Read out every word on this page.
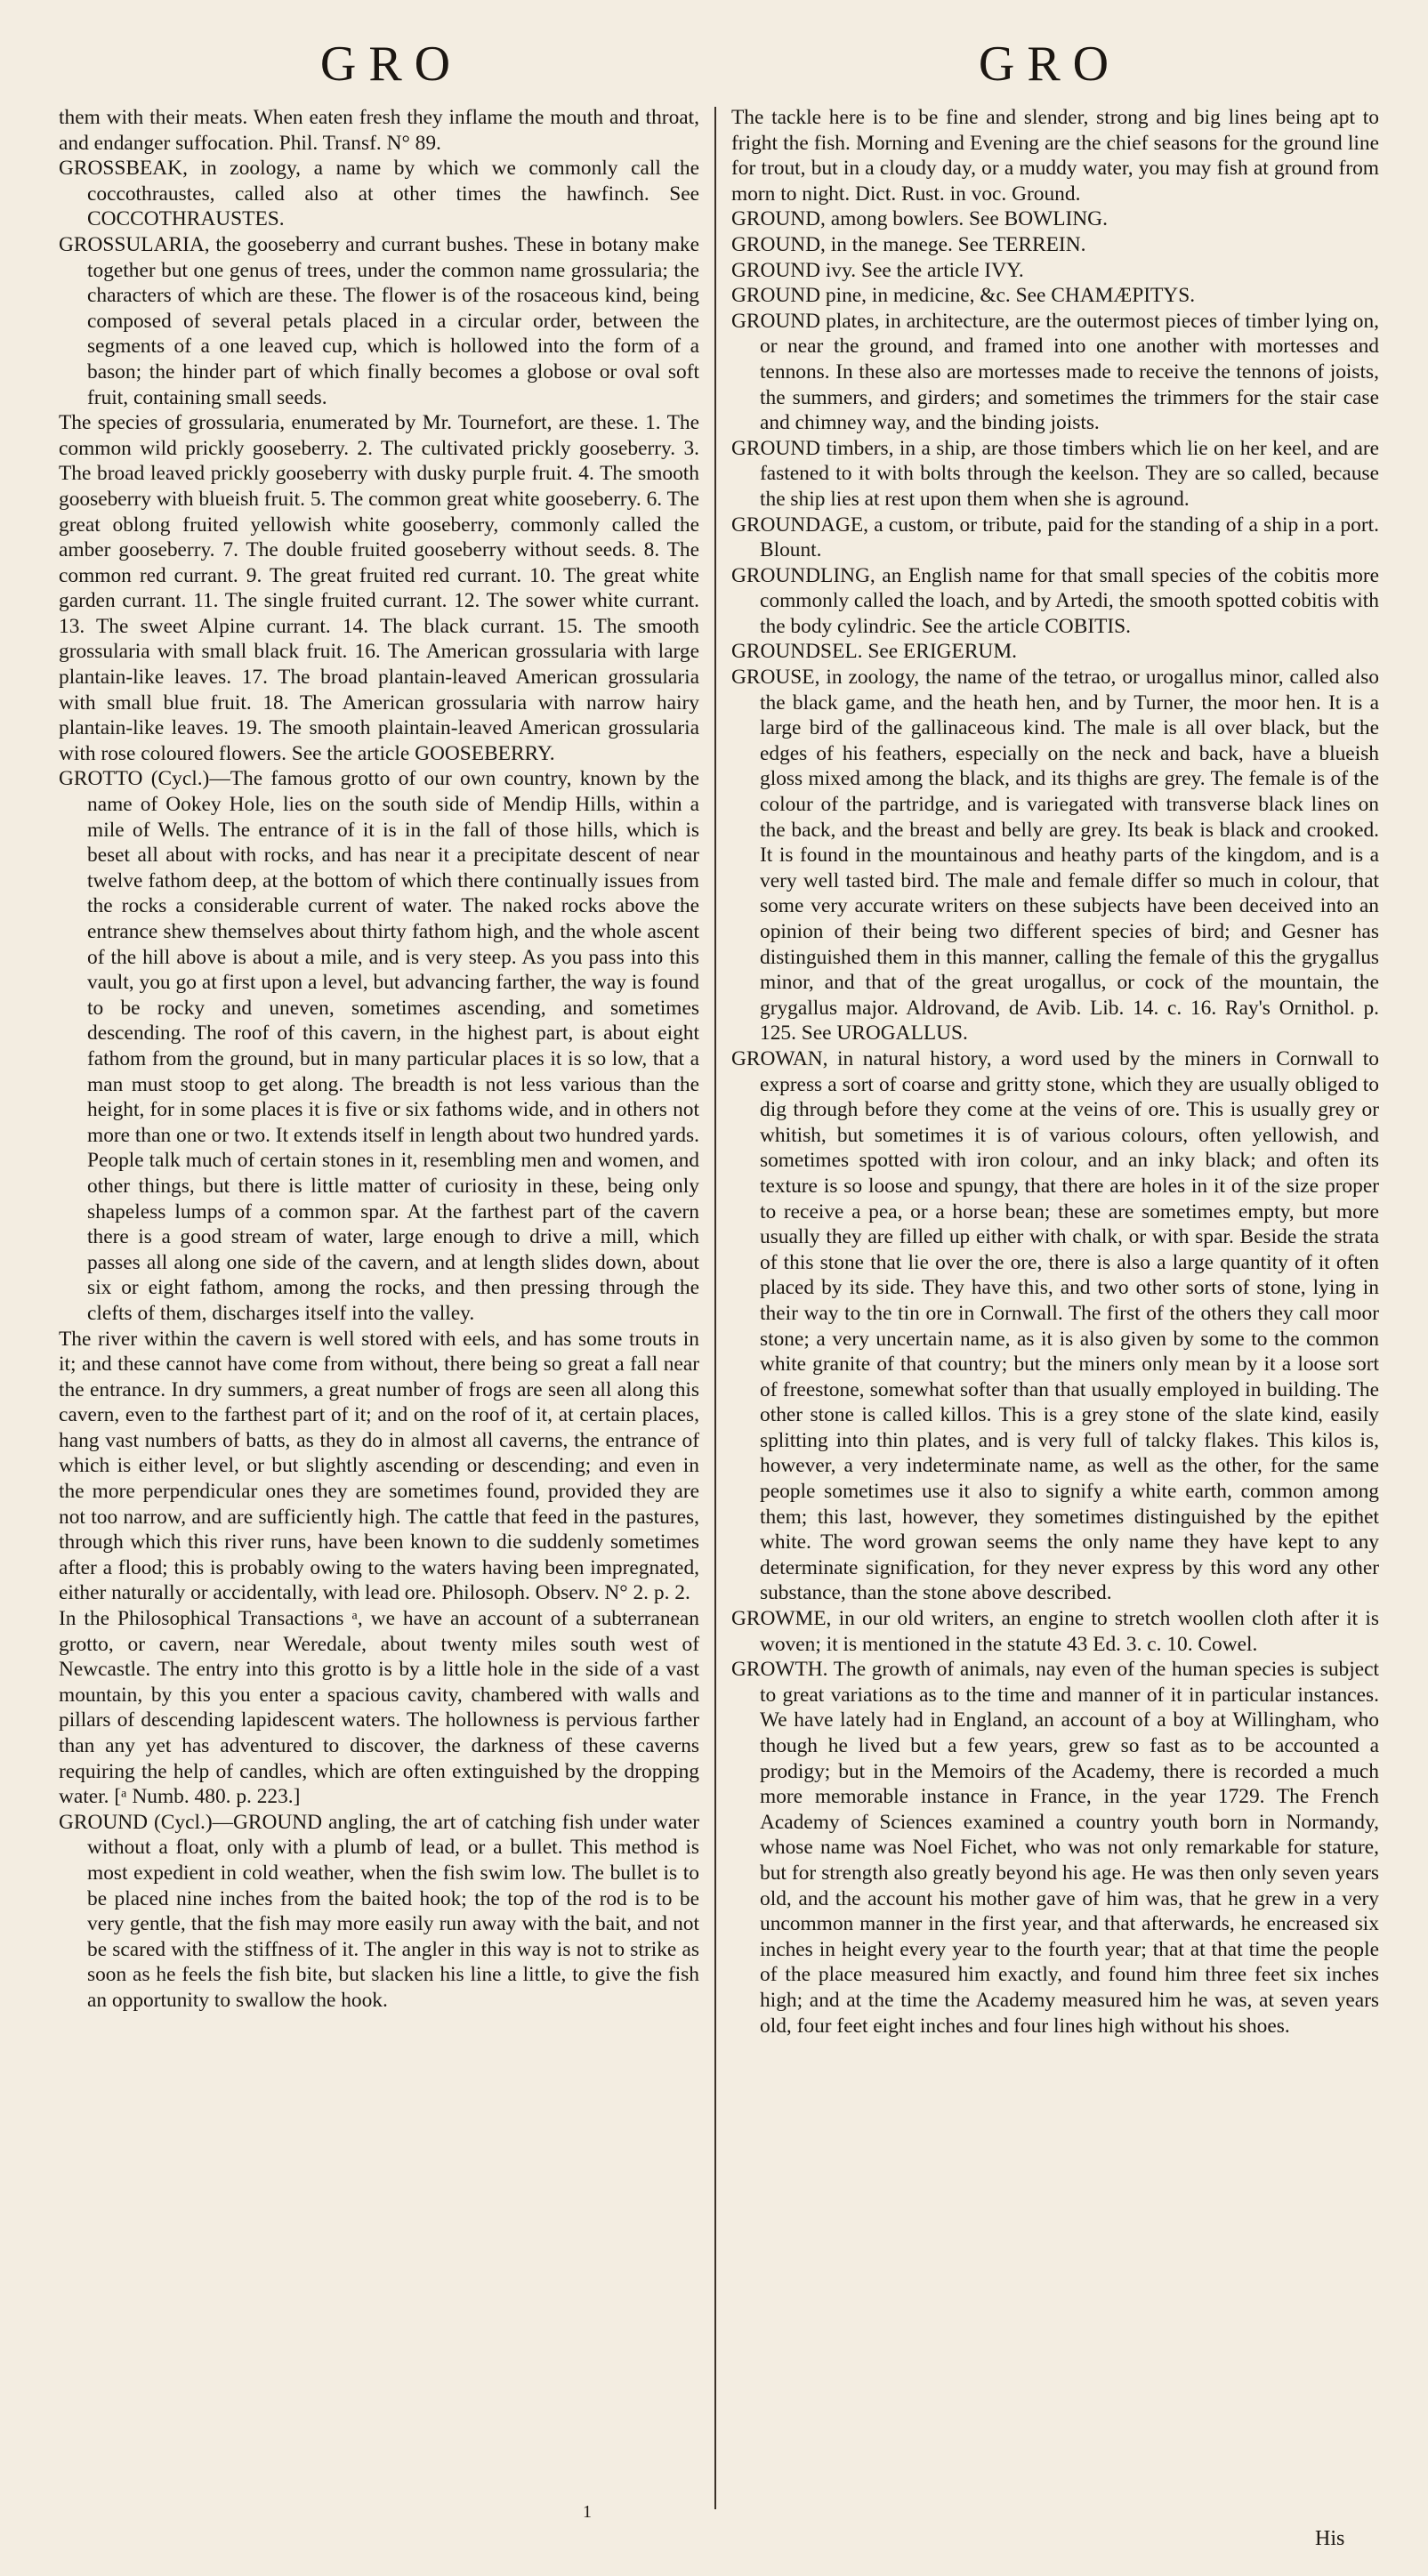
GRO	GRO

them with their meats. When eaten fresh they inflame the mouth and throat, and endanger suffocation. Phil. Transf. N° 89.

GROSSBEAK, in zoology, a name by which we commonly call the coccothraustes, called also at other times the hawfinch. See COCCOTHRAUSTES.

GROSSULARIA, the gooseberry and currant bushes. These in botany make together but one genus of trees, under the common name grossularia; the characters of which are these. The flower is of the rosaceous kind, being composed of several petals placed in a circular order, between the segments of a one leaved cup, which is hollowed into the form of a bason; the hinder part of which finally becomes a globose or oval soft fruit, containing small seeds.

The species of grossularia, enumerated by Mr. Tournefort, are these. 1. The common wild prickly gooseberry. 2. The cultivated prickly gooseberry. 3. The broad leaved prickly gooseberry with dusky purple fruit. 4. The smooth gooseberry with blueish fruit. 5. The common great white gooseberry. 6. The great oblong fruited yellowish white gooseberry, commonly called the amber gooseberry. 7. The double fruited gooseberry without seeds. 8. The common red currant. 9. The great fruited red currant. 10. The great white garden currant. 11. The single fruited currant. 12. The sower white currant. 13. The sweet Alpine currant. 14. The black currant. 15. The smooth grossularia with small black fruit. 16. The American grossularia with large plantain-like leaves. 17. The broad plantain-leaved American grossularia with small blue fruit. 18. The American grossularia with narrow hairy plantain-like leaves. 19. The smooth plaintain-leaved American grossularia with rose coloured flowers. See the article GOOSEBERRY.

GROTTO (Cycl.)—The famous grotto of our own country, known by the name of Ookey Hole, lies on the south side of Mendip Hills, within a mile of Wells. The entrance of it is in the fall of those hills, which is beset all about with rocks, and has near it a precipitate descent of near twelve fathom deep, at the bottom of which there continually issues from the rocks a considerable current of water. The naked rocks above the entrance shew themselves about thirty fathom high, and the whole ascent of the hill above is about a mile, and is very steep. As you pass into this vault, you go at first upon a level, but advancing farther, the way is found to be rocky and uneven, sometimes ascending, and sometimes descending. The roof of this cavern, in the highest part, is about eight fathom from the ground, but in many particular places it is so low, that a man must stoop to get along. The breadth is not less various than the height, for in some places it is five or six fathoms wide, and in others not more than one or two. It extends itself in length about two hundred yards. People talk much of certain stones in it, resembling men and women, and other things, but there is little matter of curiosity in these, being only shapeless lumps of a common spar. At the farthest part of the cavern there is a good stream of water, large enough to drive a mill, which passes all along one side of the cavern, and at length slides down, about six or eight fathom, among the rocks, and then pressing through the clefts of them, discharges itself into the valley.

The river within the cavern is well stored with eels, and has some trouts in it; and these cannot have come from without, there being so great a fall near the entrance. In dry summers, a great number of frogs are seen all along this cavern, even to the farthest part of it; and on the roof of it, at certain places, hang vast numbers of batts, as they do in almost all caverns, the entrance of which is either level, or but slightly ascending or descending; and even in the more perpendicular ones they are sometimes found, provided they are not too narrow, and are sufficiently high. The cattle that feed in the pastures, through which this river runs, have been known to die suddenly sometimes after a flood; this is probably owing to the waters having been impregnated, either naturally or accidentally, with lead ore. Philosoph. Observ. N° 2. p. 2.

In the Philosophical Transactions ᵃ, we have an account of a subterranean grotto, or cavern, near Weredale, about twenty miles south west of Newcastle. The entry into this grotto is by a little hole in the side of a vast mountain, by this you enter a spacious cavity, chambered with walls and pillars of descending lapidescent waters. The hollowness is pervious farther than any yet has adventured to discover, the darkness of these caverns requiring the help of candles, which are often extinguished by the dropping water. [ᵃ Numb. 480. p. 223.]

GROUND (Cycl.)—GROUND angling, the art of catching fish under water without a float, only with a plumb of lead, or a bullet. This method is most expedient in cold weather, when the fish swim low. The bullet is to be placed nine inches from the baited hook; the top of the rod is to be very gentle, that the fish may more easily run away with the bait, and not be scared with the stiffness of it. The angler in this way is not to strike as soon as he feels the fish bite, but slacken his line a little, to give the fish an opportunity to swallow the hook.

The tackle here is to be fine and slender, strong and big lines being apt to fright the fish. Morning and Evening are the chief seasons for the ground line for trout, but in a cloudy day, or a muddy water, you may fish at ground from morn to night. Dict. Rust. in voc. Ground.

GROUND, among bowlers. See BOWLING.

GROUND, in the manege. See TERREIN.

GROUND ivy. See the article IVY.

GROUND pine, in medicine, &c. See CHAMÆPITYS.

GROUND plates, in architecture, are the outermost pieces of timber lying on, or near the ground, and framed into one another with mortesses and tennons. In these also are mortesses made to receive the tennons of joists, the summers, and girders; and sometimes the trimmers for the stair case and chimney way, and the binding joists.

GROUND timbers, in a ship, are those timbers which lie on her keel, and are fastened to it with bolts through the keelson. They are so called, because the ship lies at rest upon them when she is aground.

GROUNDAGE, a custom, or tribute, paid for the standing of a ship in a port. Blount.

GROUNDLING, an English name for that small species of the cobitis more commonly called the loach, and by Artedi, the smooth spotted cobitis with the body cylindric. See the article COBITIS.

GROUNDSEL. See ERIGERUM.

GROUSE, in zoology, the name of the tetrao, or urogallus minor, called also the black game, and the heath hen, and by Turner, the moor hen. It is a large bird of the gallinaceous kind. The male is all over black, but the edges of his feathers, especially on the neck and back, have a blueish gloss mixed among the black, and its thighs are grey. The female is of the colour of the partridge, and is variegated with transverse black lines on the back, and the breast and belly are grey. Its beak is black and crooked. It is found in the mountainous and heathy parts of the kingdom, and is a very well tasted bird. The male and female differ so much in colour, that some very accurate writers on these subjects have been deceived into an opinion of their being two different species of bird; and Gesner has distinguished them in this manner, calling the female of this the grygallus minor, and that of the great urogallus, or cock of the mountain, the grygallus major. Aldrovand, de Avib. Lib. 14. c. 16. Ray's Ornithol. p. 125. See UROGALLUS.

GROWAN, in natural history, a word used by the miners in Cornwall to express a sort of coarse and gritty stone, which they are usually obliged to dig through before they come at the veins of ore. This is usually grey or whitish, but sometimes it is of various colours, often yellowish, and sometimes spotted with iron colour, and an inky black; and often its texture is so loose and spungy, that there are holes in it of the size proper to receive a pea, or a horse bean; these are sometimes empty, but more usually they are filled up either with chalk, or with spar. Beside the strata of this stone that lie over the ore, there is also a large quantity of it often placed by its side. They have this, and two other sorts of stone, lying in their way to the tin ore in Cornwall. The first of the others they call moor stone; a very uncertain name, as it is also given by some to the common white granite of that country; but the miners only mean by it a loose sort of freestone, somewhat softer than that usually employed in building. The other stone is called killos. This is a grey stone of the slate kind, easily splitting into thin plates, and is very full of talcky flakes. This kilos is, however, a very indeterminate name, as well as the other, for the same people sometimes use it also to signify a white earth, common among them; this last, however, they sometimes distinguished by the epithet white. The word growan seems the only name they have kept to any determinate signification, for they never express by this word any other substance, than the stone above described.

GROWME, in our old writers, an engine to stretch woollen cloth after it is woven; it is mentioned in the statute 43 Ed. 3. c. 10. Cowel.

GROWTH. The growth of animals, nay even of the human species is subject to great variations as to the time and manner of it in particular instances. We have lately had in England, an account of a boy at Willingham, who though he lived but a few years, grew so fast as to be accounted a prodigy; but in the Memoirs of the Academy, there is recorded a much more memorable instance in France, in the year 1729. The French Academy of Sciences examined a country youth born in Normandy, whose name was Noel Fichet, who was not only remarkable for stature, but for strength also greatly beyond his age. He was then only seven years old, and the account his mother gave of him was, that he grew in a very uncommon manner in the first year, and that afterwards, he encreased six inches in height every year to the fourth year; that at that time the people of the place measured him exactly, and found him three feet six inches high; and at the time the Academy measured him he was, at seven years old, four feet eight inches and four lines high without his shoes.

1
His
